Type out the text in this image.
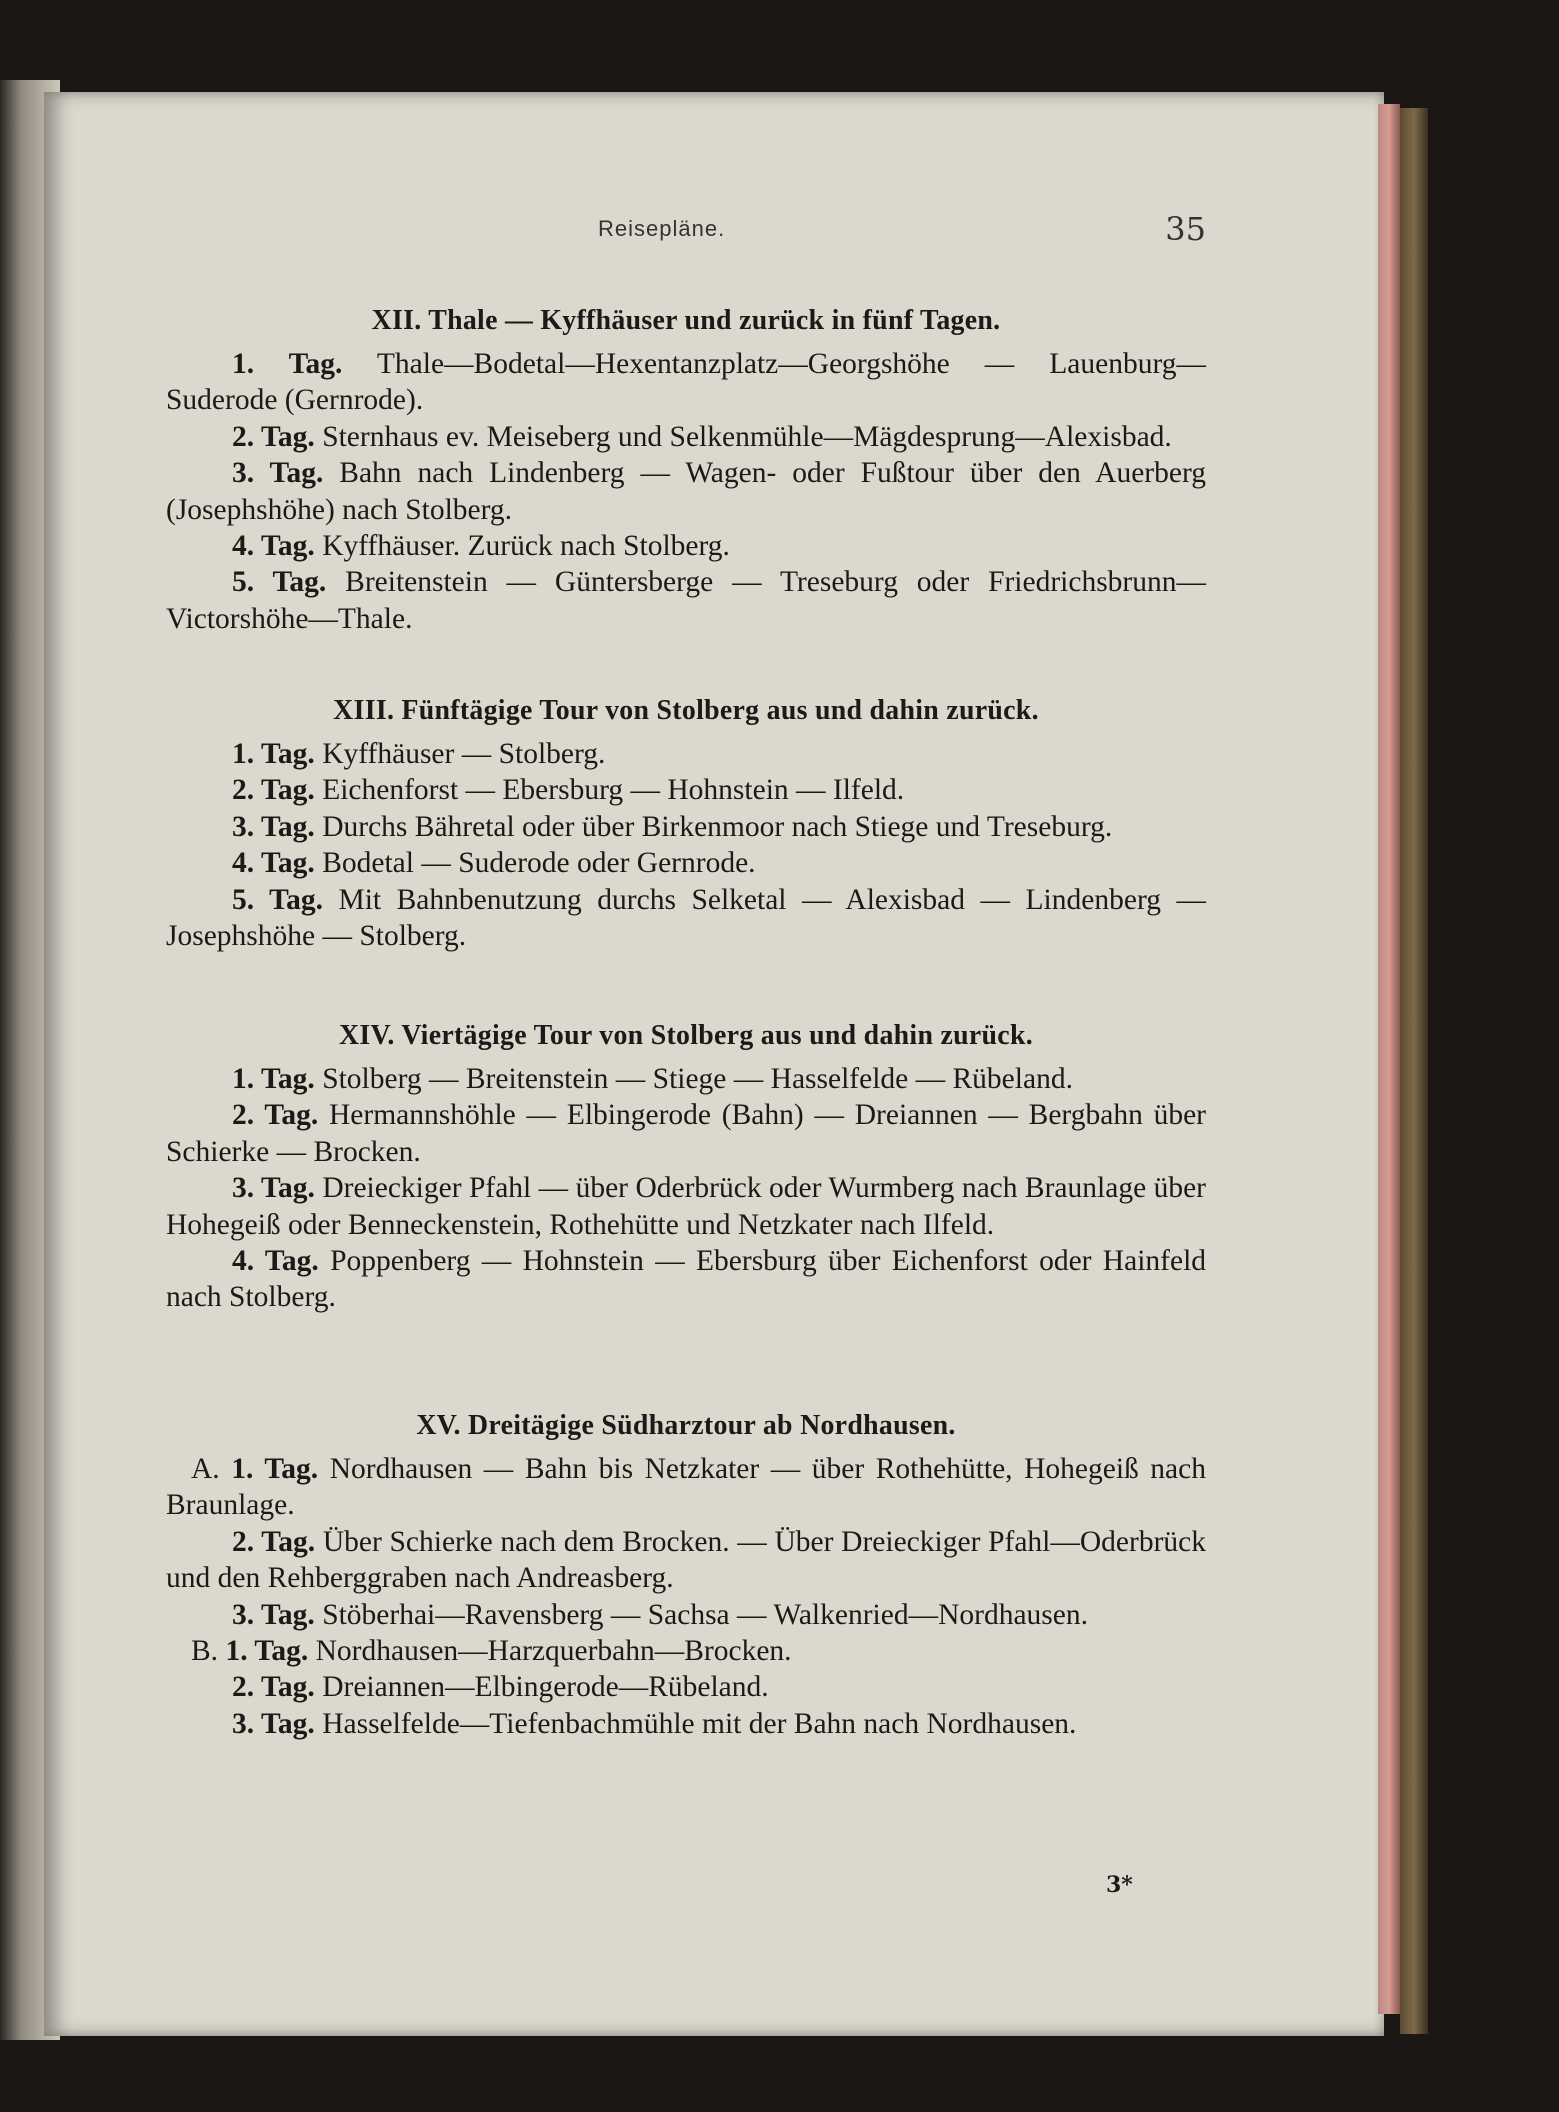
Reisepläne.	35
XII. Thale — Kyffhäuser und zurück in fünf Tagen.

1. Tag. Thale—Bodetal—Hexentanzplatz—Georgshöhe — Lauenburg—Suderode (Gernrode).

2. Tag. Sternhaus ev. Meiseberg und Selkenmühle—Mägdesprung—Alexisbad.

3. Tag. Bahn nach Lindenberg — Wagen- oder Fußtour über den Auerberg (Josephshöhe) nach Stolberg.

4. Tag. Kyffhäuser. Zurück nach Stolberg.

5. Tag. Breitenstein — Güntersberge — Treseburg oder Friedrichsbrunn—Victorshöhe—Thale.

XIII. Fünftägige Tour von Stolberg aus und dahin zurück.

1. Tag. Kyffhäuser — Stolberg.

2. Tag. Eichenforst — Ebersburg — Hohnstein — Ilfeld.

3. Tag. Durchs Bähretal oder über Birkenmoor nach Stiege und Treseburg.

4. Tag. Bodetal — Suderode oder Gernrode.

5. Tag. Mit Bahnbenutzung durchs Selketal — Alexisbad — Lindenberg — Josephshöhe — Stolberg.

XIV. Viertägige Tour von Stolberg aus und dahin zurück.

1. Tag. Stolberg — Breitenstein — Stiege — Hasselfelde — Rübeland.

2. Tag. Hermannshöhle — Elbingerode (Bahn) — Dreiannen — Bergbahn über Schierke — Brocken.

3. Tag. Dreieckiger Pfahl — über Oderbrück oder Wurmberg nach Braunlage über Hohegeiß oder Benneckenstein, Rothehütte und Netzkater nach Ilfeld.

4. Tag. Poppenberg — Hohnstein — Ebersburg über Eichenforst oder Hainfeld nach Stolberg.

XV. Dreitägige Südharztour ab Nordhausen.

A. 1. Tag. Nordhausen — Bahn bis Netzkater — über Rothehütte, Hohegeiß nach Braunlage.

2. Tag. Über Schierke nach dem Brocken. — Über Dreieckiger Pfahl—Oderbrück und den Rehberggraben nach Andreasberg.

3. Tag. Stöberhai—Ravensberg — Sachsa — Walkenried—Nordhausen.

B. 1. Tag. Nordhausen—Harzquerbahn—Brocken.

2. Tag. Dreiannen—Elbingerode—Rübeland.

3. Tag. Hasselfelde—Tiefenbachmühle mit der Bahn nach Nordhausen.

3*
